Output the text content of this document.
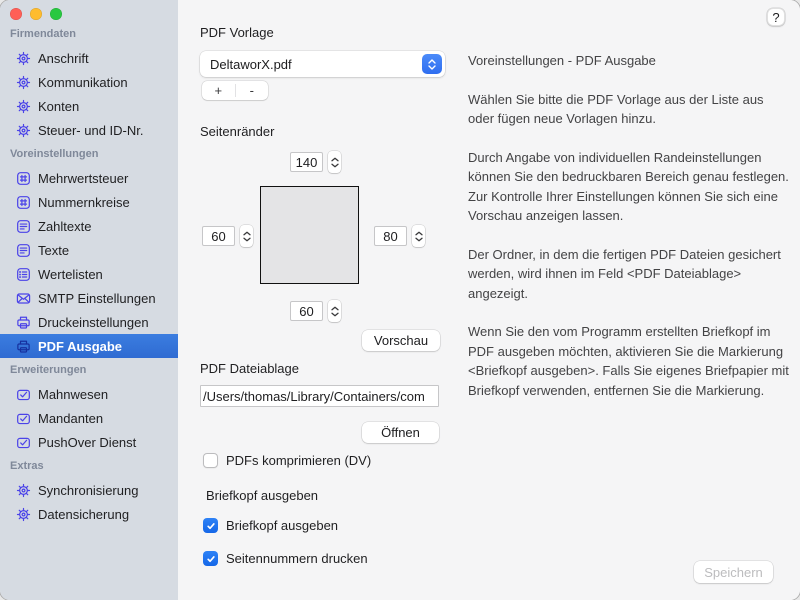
Firmendaten
Anschrift
Kommunikation
Konten
Steuer- und ID-Nr.
Voreinstellungen
Mehrwertsteuer
Nummernkreise
Zahltexte
Texte
Wertelisten
SMTP Einstellungen
Druckeinstellungen
PDF Ausgabe
Erweiterungen
Mahnwesen
Mandanten
PushOver Dienst
Extras
Synchronisierung
Datensicherung
?
PDF Vorlage
DeltaworX.pdf
+	-
Seitenränder
140
60
80
60
Vorschau
PDF Dateiablage
/Users/thomas/Library/Containers/com
Öffnen
PDFs komprimieren (DV)
Briefkopf ausgeben
Briefkopf ausgeben
Seitennummern drucken

Voreinstellungen - PDF Ausgabe

Wählen Sie bitte die PDF Vorlage aus der Liste aus oder fügen neue Vorlagen hinzu.

Durch Angabe von individuellen Randeinstellungen können Sie den bedruckbaren Bereich genau festlegen. Zur Kontrolle Ihrer Einstellungen können Sie sich eine Vorschau anzeigen lassen.

Der Ordner, in dem die fertigen PDF Dateien gesichert werden, wird ihnen im Feld <PDF Dateiablage> angezeigt.

Wenn Sie den vom Programm erstellten Briefkopf im PDF ausgeben möchten, aktivieren Sie die Markierung <Briefkopf ausgeben>. Falls Sie eigenes Briefpapier mit Briefkopf verwenden, entfernen Sie die Markierung.

Speichern
